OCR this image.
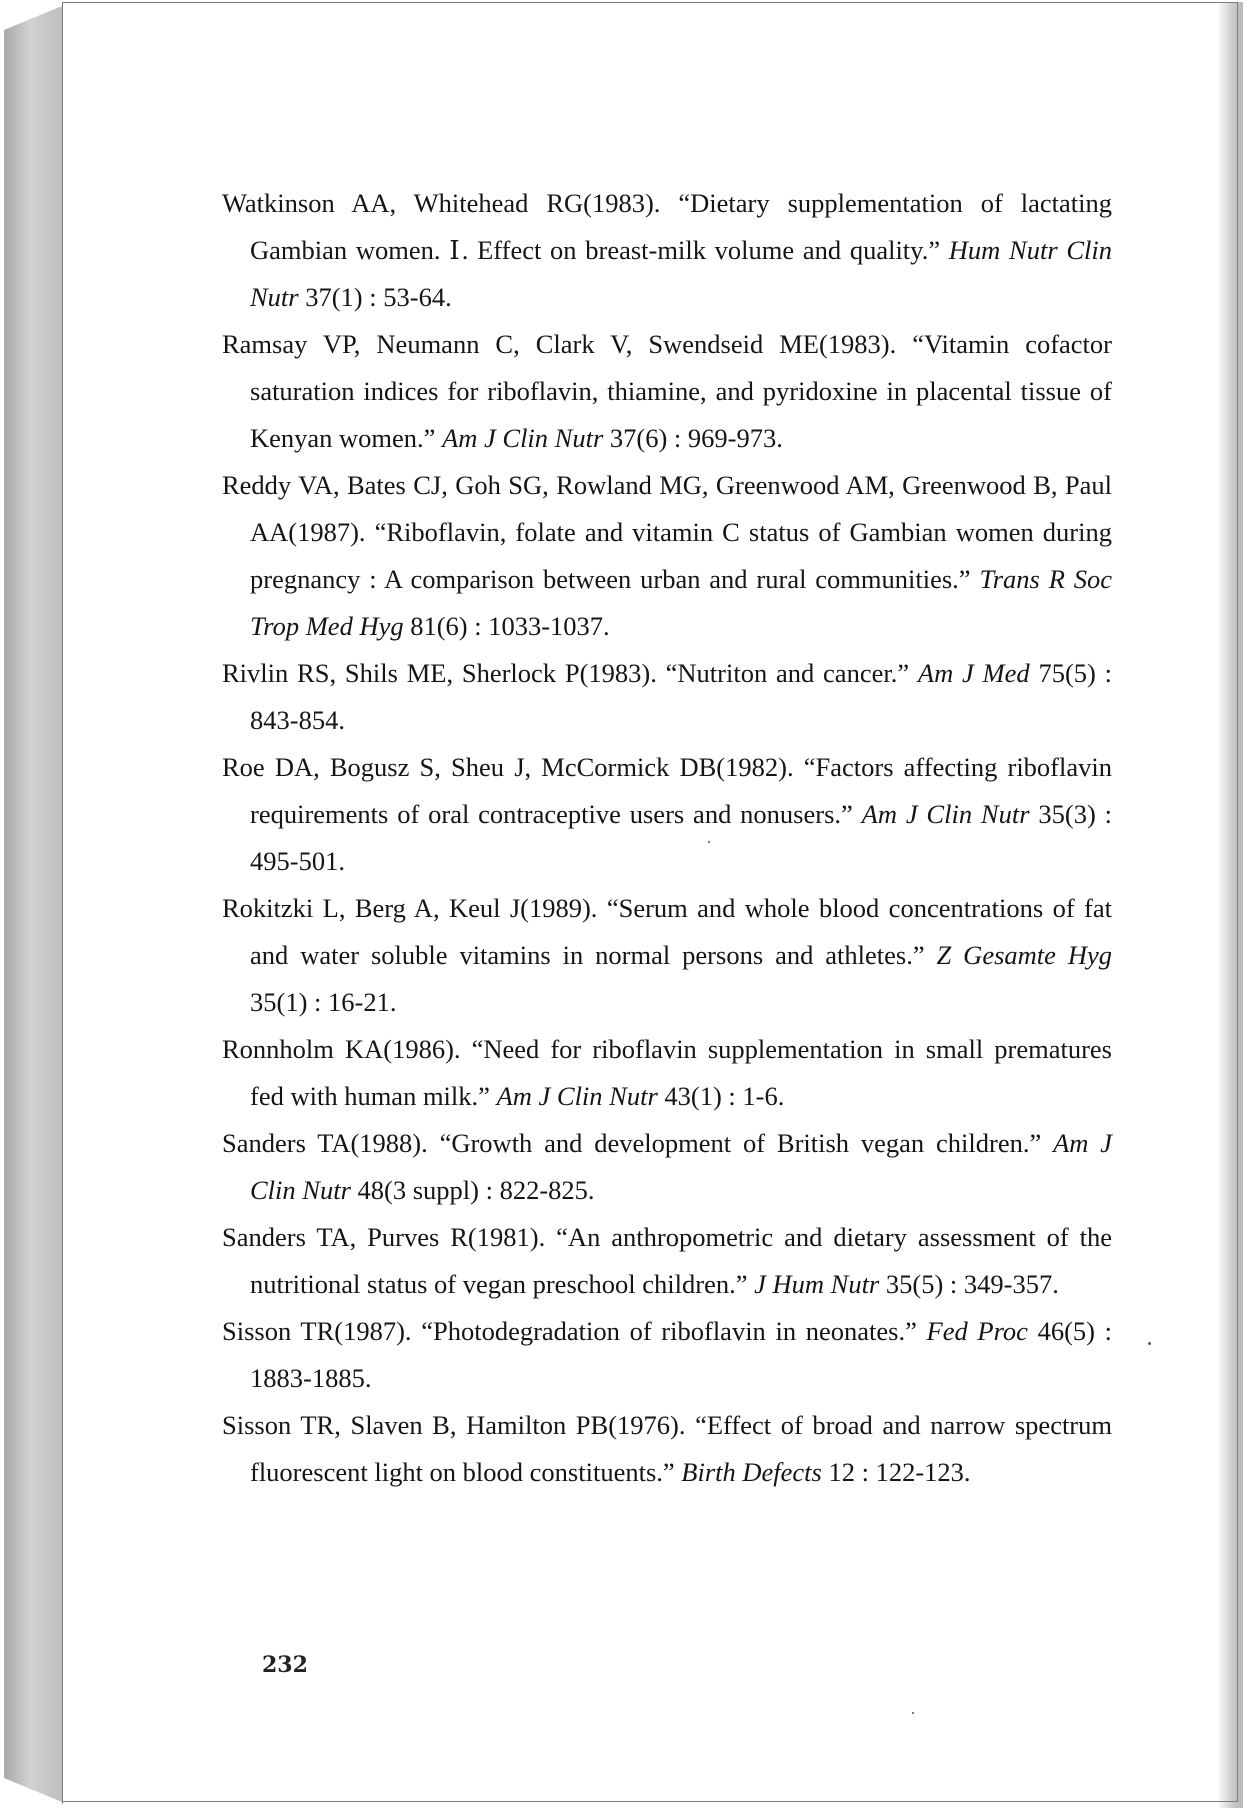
Watkinson AA, Whitehead RG(1983). “Dietary supplementation of lactating Gambian women. Ⅰ. Effect on breast-milk volume and quality.” Hum Nutr Clin Nutr 37(1) : 53-64.

Ramsay VP, Neumann C, Clark V, Swendseid ME(1983). “Vitamin cofactor saturation indices for riboflavin, thiamine, and pyridoxine in placental tissue of Kenyan women.” Am J Clin Nutr 37(6) : 969-973.

Reddy VA, Bates CJ, Goh SG, Rowland MG, Greenwood AM, Greenwood B, Paul AA(1987). “Riboflavin, folate and vitamin C status of Gambian women during pregnancy : A comparison between urban and rural communities.” Trans R Soc Trop Med Hyg 81(6) : 1033-1037.

Rivlin RS, Shils ME, Sherlock P(1983). “Nutriton and cancer.” Am J Med 75(5) : 843-854.

Roe DA, Bogusz S, Sheu J, McCormick DB(1982). “Factors affecting riboflavin requirements of oral contraceptive users and nonusers.” Am J Clin Nutr 35(3) : 495-501.

Rokitzki L, Berg A, Keul J(1989). “Serum and whole blood concentrations of fat and water soluble vitamins in normal persons and athletes.” Z Gesamte Hyg 35(1) : 16-21.

Ronnholm KA(1986). “Need for riboflavin supplementation in small prematures fed with human milk.” Am J Clin Nutr 43(1) : 1-6.

Sanders TA(1988). “Growth and development of British vegan children.” Am J Clin Nutr 48(3 suppl) : 822-825.

Sanders TA, Purves R(1981). “An anthropometric and dietary assessment of the nutritional status of vegan preschool children.” J Hum Nutr 35(5) : 349-357.

Sisson TR(1987). “Photodegradation of riboflavin in neonates.” Fed Proc 46(5) : 1883-1885.

Sisson TR, Slaven B, Hamilton PB(1976). “Effect of broad and narrow spectrum fluorescent light on blood constituents.” Birth Defects 12 : 122-123.

232
